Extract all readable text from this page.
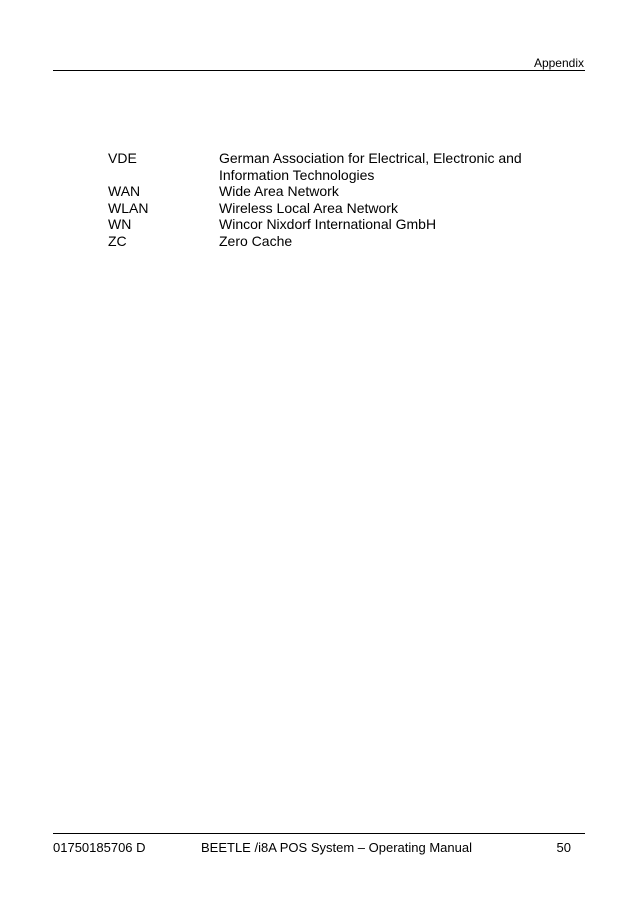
Appendix
VDE	German Association for Electrical, Electronic and Information Technologies
WAN	Wide Area Network
WLAN	Wireless Local Area Network
WN	Wincor Nixdorf International GmbH
ZC	Zero Cache
01750185706 D	BEETLE /i8A POS System – Operating Manual	50
